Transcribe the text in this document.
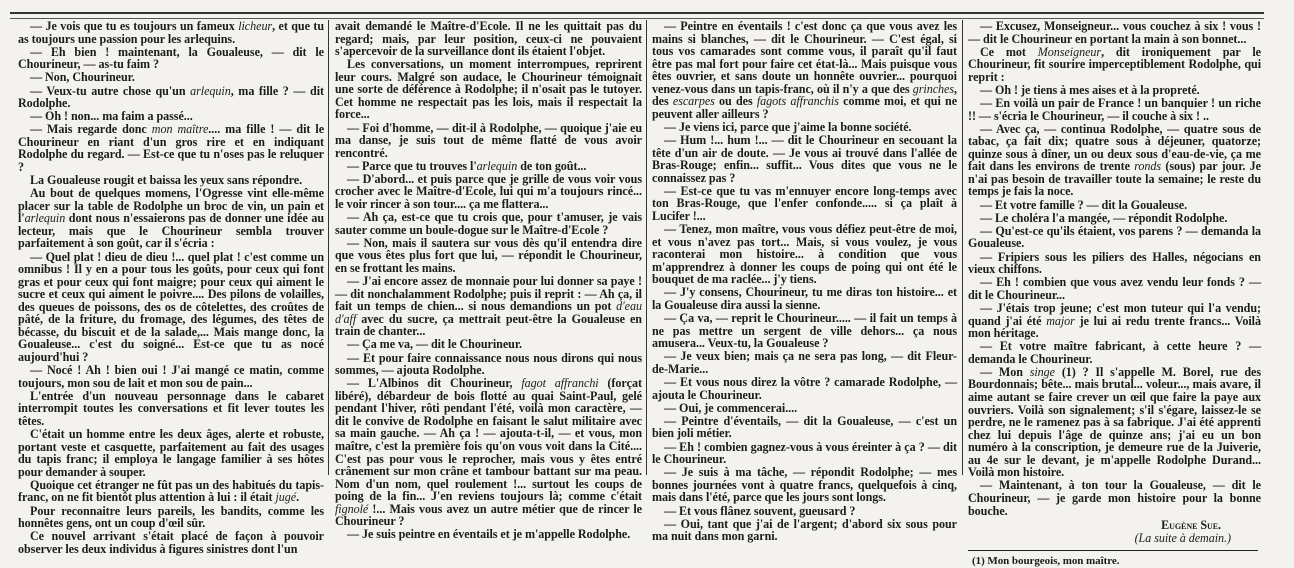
— Je vois que tu es toujours un fameux licheur, et que tu as toujours une passion pour les arlequins.

— Eh bien ! maintenant, la Goualeuse, — dit le Chourineur, — as-tu faim ?

— Non, Chourineur.

— Veux-tu autre chose qu'un arlequin, ma fille ? — dit Rodolphe.

— Oh ! non... ma faim a passé...

— Mais regarde donc mon maître.... ma fille ! — dit le Chourineur en riant d'un gros rire et en indiquant Rodolphe du regard. — Est-ce que tu n'oses pas le reluquer ?

La Goualeuse rougit et baissa les yeux sans répondre.

Au bout de quelques momens, l'Ogresse vint elle-même placer sur la table de Rodolphe un broc de vin, un pain et l'arlequin dont nous n'essaierons pas de donner une idée au lecteur, mais que le Chourineur sembla trouver parfaitement à son goût, car il s'écria :

— Quel plat ! dieu de dieu !... quel plat ! c'est comme un omnibus ! Il y en a pour tous les goûts, pour ceux qui font gras et pour ceux qui font maigre; pour ceux qui aiment le sucre et ceux qui aiment le poivre.... Des pilons de volailles, des queues de poissons, des os de côtelettes, des croûtes de pâté, de la friture, du fromage, des légumes, des têtes de bécasse, du biscuit et de la salade,... Mais mange donc, la Goualeuse... c'est du soigné... Est-ce que tu as nocé aujourd'hui ?

— Nocé ! Ah ! bien oui ! J'ai mangé ce matin, comme toujours, mon sou de lait et mon sou de pain...

L'entrée d'un nouveau personnage dans le cabaret interrompit toutes les conversations et fit lever toutes les têtes.

C'était un homme entre les deux âges, alerte et robuste, portant veste et casquette, parfaitement au fait des usages du tapis franc; il employa le langage familier à ses hôtes pour demander à souper.

Quoique cet étranger ne fût pas un des habitués du tapis-franc, on ne fit bientôt plus attention à lui : il était jugé.

Pour reconnaitre leurs pareils, les bandits, comme les honnêtes gens, ont un coup d'œil sûr.

Ce nouvel arrivant s'était placé de façon à pouvoir observer les deux individus à figures sinistres dont l'un

avait demandé le Maître-d'Ecole. Il ne les quittait pas du regard; mais, par leur position, ceux-ci ne pouvaient s'apercevoir de la surveillance dont ils étaient l'objet.

Les conversations, un moment interrompues, reprirent leur cours. Malgré son audace, le Chourineur témoignait une sorte de déférence à Rodolphe; il n'osait pas le tutoyer. Cet homme ne respectait pas les lois, mais il respectait la force...

— Foi d'homme, — dit-il à Rodolphe, — quoique j'aie eu ma danse, je suis tout de même flatté de vous avoir rencontré.

— Parce que tu trouves l'arlequin de ton goût...

— D'abord... et puis parce que je grille de vous voir vous crocher avec le Maître-d'Ecole, lui qui m'a toujours rincé... le voir rincer à son tour.... ça me flattera...

— Ah ça, est-ce que tu crois que, pour t'amuser, je vais sauter comme un boule-dogue sur le Maître-d'Ecole ?

— Non, mais il sautera sur vous dès qu'il entendra dire que vous êtes plus fort que lui, — répondit le Chourineur, en se frottant les mains.

— J'ai encore assez de monnaie pour lui donner sa paye ! — dit nonchalamment Rodolphe; puis il reprit : — Ah ça, il fait un temps de chien... si nous demandions un pot d'eau d'aff avec du sucre, ça mettrait peut-être la Goualeuse en train de chanter...

— Ça me va, — dit le Chourineur.

— Et pour faire connaissance nous nous dirons qui nous sommes, — ajouta Rodolphe.

— L'Albinos dit Chourineur, fagot affranchi (forçat libéré), débardeur de bois flotté au quai Saint-Paul, gelé pendant l'hiver, rôti pendant l'été, voilà mon caractère, — dit le convive de Rodolphe en faisant le salut militaire avec sa main gauche. — Ah ça ! — ajouta-t-il, — et vous, mon maître, c'est la première fois qu'on vous voit dans la Cité.... C'est pas pour vous le reprocher, mais vous y êtes entré crânement sur mon crâne et tambour battant sur ma peau. Nom d'un nom, quel roulement !... surtout les coups de poing de la fin... J'en reviens toujours là; comme c'était fignolé !... Mais vous avez un autre métier que de rincer le Chourineur ?

— Je suis peintre en éventails et je m'appelle Rodolphe.

— Peintre en éventails ! c'est donc ça que vous avez les mains si blanches, — dit le Chourineur. — C'est égal, si tous vos camarades sont comme vous, il paraît qu'il faut être pas mal fort pour faire cet état-là... Mais puisque vous êtes ouvrier, et sans doute un honnête ouvrier... pourquoi venez-vous dans un tapis-franc, où il n'y a que des grinches, des escarpes ou des fagots affranchis comme moi, et qui ne peuvent aller ailleurs ?

— Je viens ici, parce que j'aime la bonne société.

— Hum !... hum !... — dit le Chourineur en secouant la tête d'un air de doute. — Je vous ai trouvé dans l'allée de Bras-Rouge; enfin... suffit... Vous dites que vous ne le connaissez pas ?

— Est-ce que tu vas m'ennuyer encore long-temps avec ton Bras-Rouge, que l'enfer confonde..... si ça plaît à Lucifer !...

— Tenez, mon maître, vous vous défiez peut-être de moi, et vous n'avez pas tort... Mais, si vous voulez, je vous raconterai mon histoire... à condition que vous m'apprendrez à donner les coups de poing qui ont été le bouquet de ma raclée... j'y tiens.

— J'y consens, Chourineur, tu me diras ton histoire... et la Goualeuse dira aussi la sienne.

— Ça va, — reprit le Chourineur..... — il fait un temps à ne pas mettre un sergent de ville dehors... ça nous amusera... Veux-tu, la Goualeuse ?

— Je veux bien; mais ça ne sera pas long, — dit Fleur-de-Marie...

— Et vous nous direz la vôtre ? camarade Rodolphe, — ajouta le Chourineur.

— Oui, je commencerai....

— Peintre d'éventails, — dit la Goualeuse, — c'est un bien joli métier.

— Eh ! combien gagnez-vous à vous éreinter à ça ? — dit le Chourineur.

— Je suis à ma tâche, — répondit Rodolphe; — mes bonnes journées vont à quatre francs, quelquefois à cinq, mais dans l'été, parce que les jours sont longs.

— Et vous flânez souvent, gueusard ?

— Oui, tant que j'ai de l'argent; d'abord six sous pour ma nuit dans mon garni.

— Excusez, Monseigneur... vous couchez à six ! vous ! — dit le Chourineur en portant la main à son bonnet...

Ce mot Monseigneur, dit ironiquement par le Chourineur, fit sourire imperceptiblement Rodolphe, qui reprit :

— Oh ! je tiens à mes aises et à la propreté.

— En voilà un pair de France ! un banquier ! un riche !! — s'écria le Chourineur, — il couche à six ! ..

— Avec ça, — continua Rodolphe, — quatre sous de tabac, ça fait dix; quatre sous à déjeuner, quatorze; quinze sous à dîner, un ou deux sous d'eau-de-vie, ça me fait dans les environs de trente ronds (sous) par jour. Je n'ai pas besoin de travailler toute la semaine; le reste du temps je fais la noce.

— Et votre famille ? — dit la Goualeuse.

— Le choléra l'a mangée, — répondit Rodolphe.

— Qu'est-ce qu'ils étaient, vos parens ? — demanda la Goualeuse.

— Fripiers sous les piliers des Halles, négocians en vieux chiffons.

— Eh ! combien que vous avez vendu leur fonds ? — dit le Chourineur...

— J'étais trop jeune; c'est mon tuteur qui l'a vendu; quand j'ai été major je lui ai redu trente francs... Voilà mon héritage.

— Et votre maître fabricant, à cette heure ? — demanda le Chourineur.

— Mon singe (1) ? Il s'appelle M. Borel, rue des Bourdonnais; bête... mais brutal... voleur..., mais avare, il aime autant se faire crever un œil que faire la paye aux ouvriers. Voilà son signalement; s'il s'égare, laissez-le se perdre, ne le ramenez pas à sa fabrique. J'ai été apprenti chez lui depuis l'âge de quinze ans; j'ai eu un bon numéro à la conscription, je demeure rue de la Juiverie, au 4e sur le devant, je m'appelle Rodolphe Durand... Voilà mon histoire.

— Maintenant, à ton tour la Goualeuse, — dit le Chourineur, — je garde mon histoire pour la bonne bouche.

Eugène Sue.
(La suite à demain.)
(1) Mon bourgeois, mon maître.
